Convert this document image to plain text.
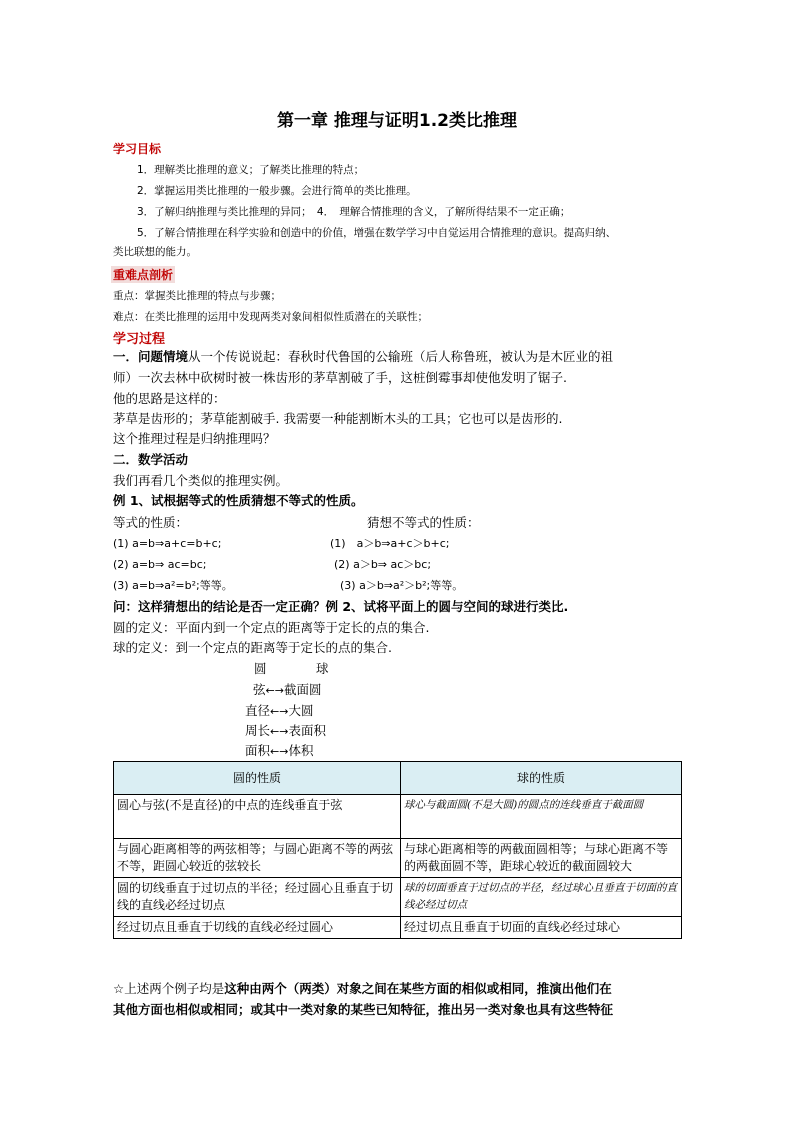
第一章 推理与证明1.2类比推理
学习目标
1．理解类比推理的意义；了解类比推理的特点；
2．掌握运用类比推理的一般步骤。会进行简单的类比推理。
3．了解归纳推理与类比推理的异同；　4．　理解合情推理的含义，了解所得结果不一定正确；
5．了解合情推理在科学实验和创造中的价值，增强在数学学习中自觉运用合情推理的意识。提高归纳、
类比联想的能力。
重难点剖析
重点：掌握类比推理的特点与步骤；
难点：在类比推理的运用中发现两类对象间相似性质潜在的关联性；
学习过程
一．问题情境从一个传说说起：春秋时代鲁国的公输班（后人称鲁班，被认为是木匠业的祖
师）一次去林中砍树时被一株齿形的茅草割破了手，这桩倒霉事却使他发明了锯子.
他的思路是这样的：
茅草是齿形的；茅草能割破手. 我需要一种能割断木头的工具；它也可以是齿形的.
这个推理过程是归纳推理吗？
二．数学活动
我们再看几个类似的推理实例。
例 1、试根据等式的性质猜想不等式的性质。
等式的性质：	猜想不等式的性质：
(1) a=b⇒a+c=b+c;	(1)　a＞b⇒a+c＞b+c;
(2) a=b⇒ ac=bc;	(2) a＞b⇒ ac＞bc;
(3) a=b⇒a²=b²;等等。	(3) a＞b⇒a²＞b²;等等。
问：这样猜想出的结论是否一定正确？例 2、试将平面上的圆与空间的球进行类比.
圆的定义：平面内到一个定点的距离等于定长的点的集合.
球的定义：到一个定点的距离等于定长的点的集合.
圆	球
弦←→截面圆
直径←→大圆
周长←→表面积
面积←→体积
圆的性质	球的性质
圆心与弦(不是直径)的中点的连线垂直于弦	球心与截面圆(不是大圆)的圆点的连线垂直于截面圆
与圆心距离相等的两弦相等；与圆心距离不等的两弦不等，距圆心较近的弦较长	与球心距离相等的两截面圆相等；与球心距离不等的两截面圆不等，距球心较近的截面圆较大
圆的切线垂直于过切点的半径；经过圆心且垂直于切线的直线必经过切点	球的切面垂直于过切点的半径，经过球心且垂直于切面的直线必经过切点
经过切点且垂直于切线的直线必经过圆心	经过切点且垂直于切面的直线必经过球心
☆上述两个例子均是这种由两个（两类）对象之间在某些方面的相似或相同，推演出他们在
其他方面也相似或相同；或其中一类对象的某些已知特征，推出另一类对象也具有这些特征
